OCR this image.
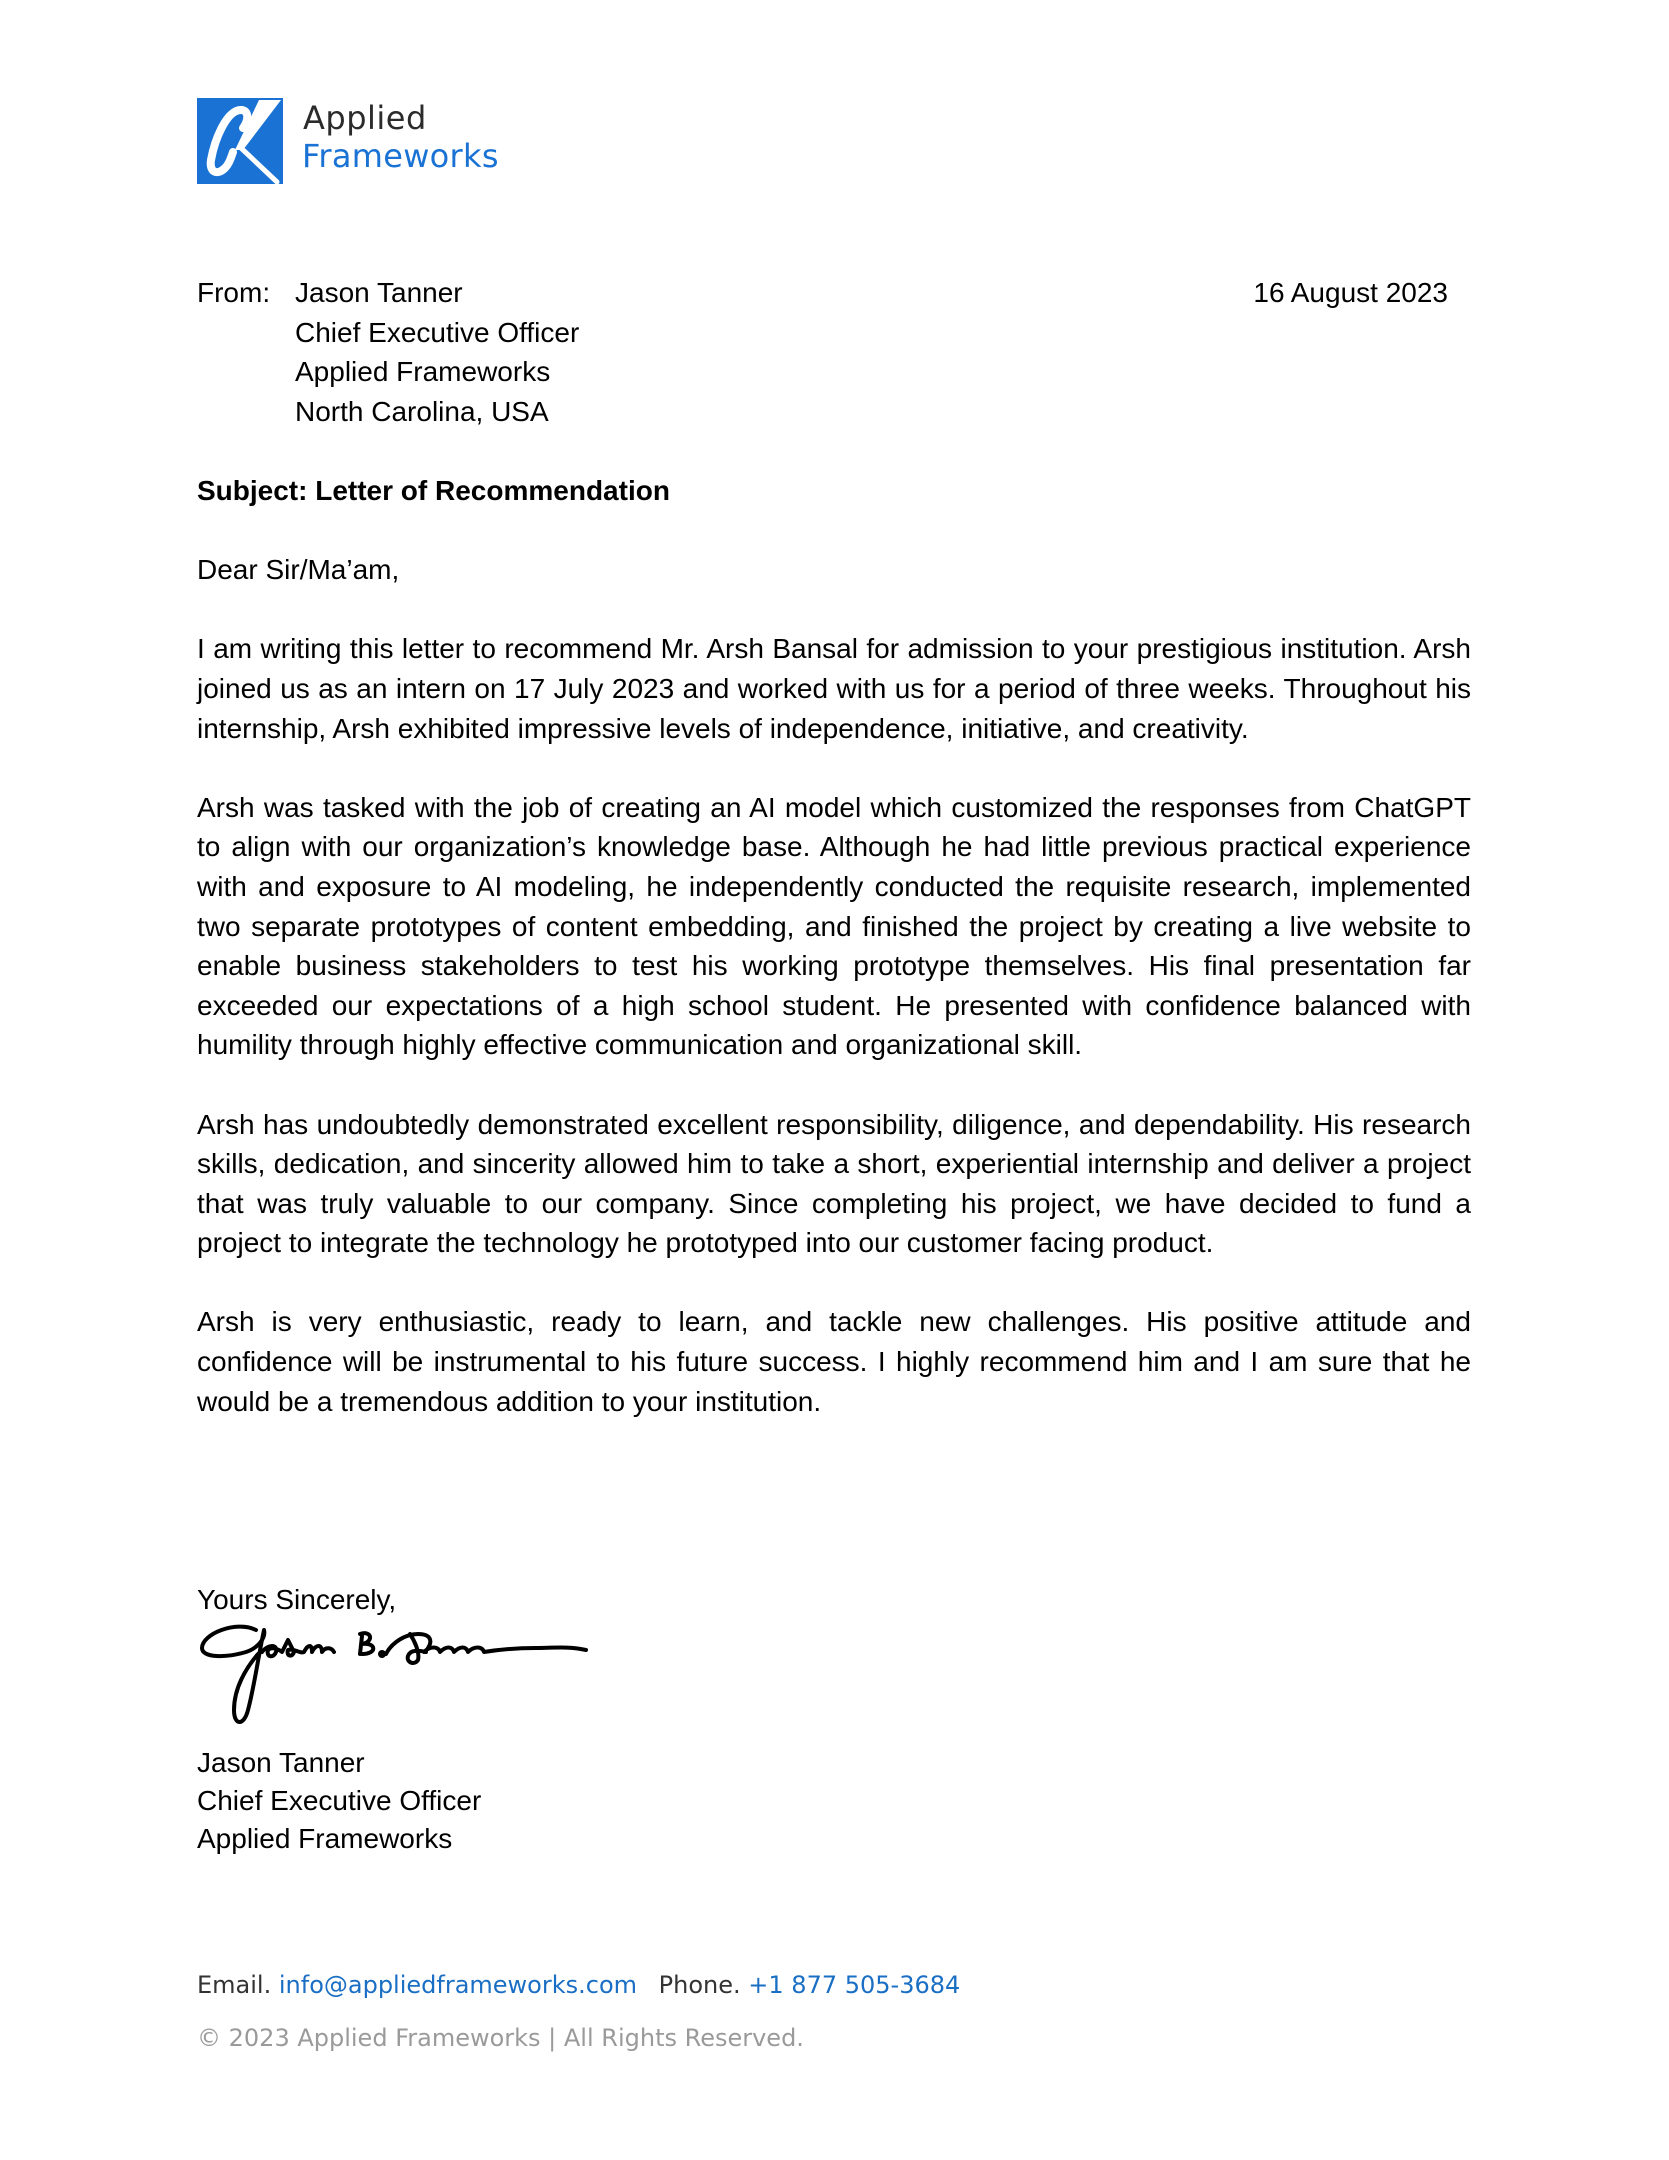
Applied
Frameworks
From: Jason Tanner
Chief Executive Officer
Applied Frameworks
North Carolina, USA
16 August 2023

Subject: Letter of Recommendation

Dear Sir/Ma’am,

I am writing this letter to recommend Mr. Arsh Bansal for admission to your prestigious institution. Arsh joined us as an intern on 17 July 2023 and worked with us for a period of three weeks. Throughout his internship, Arsh exhibited impressive levels of independence, initiative, and creativity.

Arsh was tasked with the job of creating an AI model which customized the responses from ChatGPT to align with our organization’s knowledge base. Although he had little previous practical experience with and exposure to AI modeling, he independently conducted the requisite research, implemented two separate prototypes of content embedding, and finished the project by creating a live website to enable business stakeholders to test his working prototype themselves. His final presentation far exceeded our expectations of a high school student. He presented with confidence balanced with humility through highly effective communication and organizational skill.

Arsh has undoubtedly demonstrated excellent responsibility, diligence, and dependability. His research skills, dedication, and sincerity allowed him to take a short, experiential internship and deliver a project that was truly valuable to our company. Since completing his project, we have decided to fund a project to integrate the technology he prototyped into our customer facing product.

Arsh is very enthusiastic, ready to learn, and tackle new challenges. His positive attitude and confidence will be instrumental to his future success. I highly recommend him and I am sure that he would be a tremendous addition to your institution.

Yours Sincerely,
Jason Tanner
Chief Executive Officer
Applied Frameworks
Email. info@appliedframeworks.com Phone. +1 877 505-3684
© 2023 Applied Frameworks | All Rights Reserved.
